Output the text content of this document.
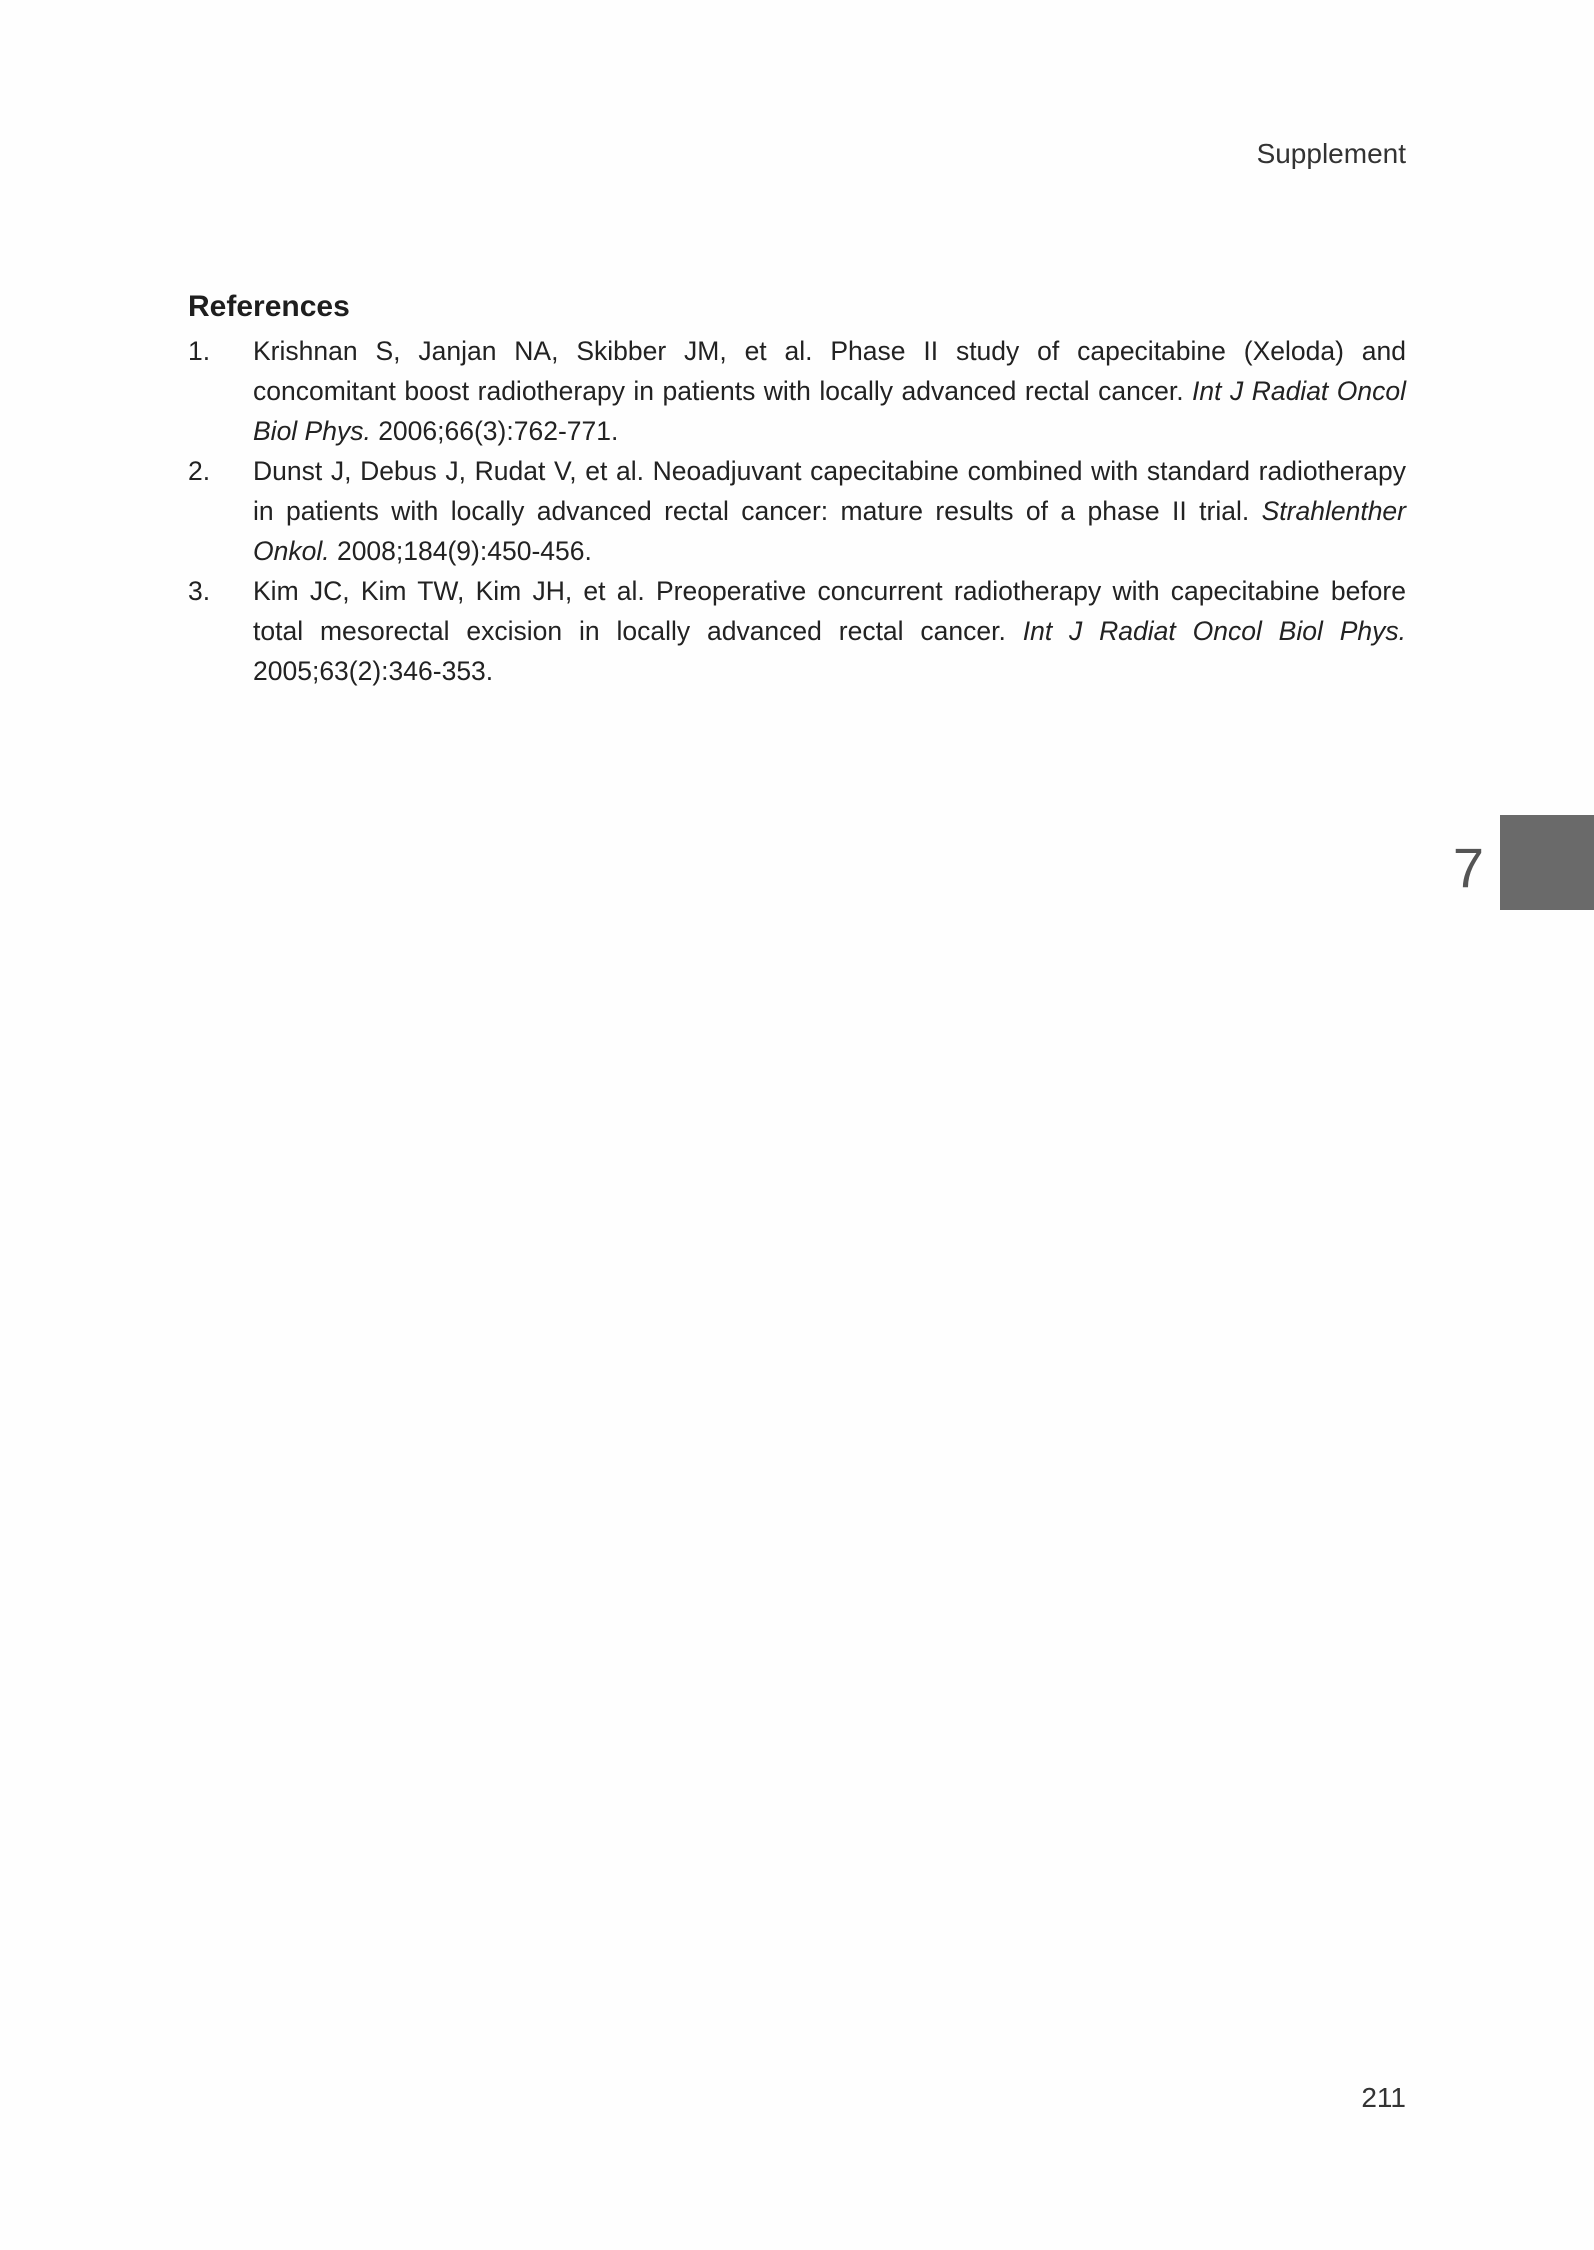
Supplement
References
1.	Krishnan S, Janjan NA, Skibber JM, et al. Phase II study of capecitabine (Xeloda) and concomitant boost radiotherapy in patients with locally advanced rectal cancer. Int J Radiat Oncol Biol Phys. 2006;66(3):762-771.
2.	Dunst J, Debus J, Rudat V, et al. Neoadjuvant capecitabine combined with standard radiotherapy in patients with locally advanced rectal cancer: mature results of a phase II trial. Strahlenther Onkol. 2008;184(9):450-456.
3.	Kim JC, Kim TW, Kim JH, et al. Preoperative concurrent radiotherapy with capecitabine before total mesorectal excision in locally advanced rectal cancer. Int J Radiat Oncol Biol Phys. 2005;63(2):346-353.
7
211
